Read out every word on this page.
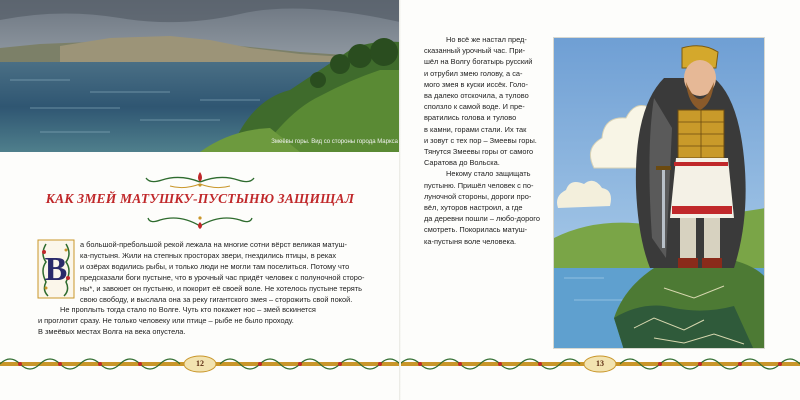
Змеёвы горы. Вид со стороны города Маркса
КАК ЗМЕЙ МАТУШКУ-ПУСТЫНЮ ЗАЩИЩАЛ
В

а большой-пребольшой рекой лежала на многие сотни вёрст великая матуш-
ка-пустыня. Жили на степных просторах звери, гнездились птицы, в реках
и озёрах водились рыбы, и только люди не могли там поселиться. Потому что
предсказали боги пустыне, что в урочный час придёт человек с полуночной сторо-
ны*, и завоюет он пустыню, и покорит её своей воле. Не хотелось пустыне терять
свою свободу, и выслала она за реку гигантского змея – сторожить свой покой.

Не проплыть тогда стало по Волге. Чуть кто покажет нос – змей вскинется
и проглотит сразу. Не только человеку или птице – рыбе не было проходу.
В змеёвых местах Волга на века опустела.

Но всё же настал пред-
сказанный урочный час. При-
шёл на Волгу богатырь русский
и отрубил змею голову, а са-
мого змея в куски иссёк. Голо-
ва далеко отскочила, а тулово
сползло к самой воде. И пре-
вратились голова и тулово
в камни, горами стали. Их так
и зовут с тех пор – Змеевы горы.
Тянутся Змеевы горы от самого
Саратова до Вольска.

Некому стало защищать
пустыню. Пришёл человек с по-
луночной стороны, дороги про-
вёл, хуторов настроил, а где
да деревни пошли – любо-дорого
смотреть. Покорилась матуш-
ка-пустыня воле человека.

12	13
